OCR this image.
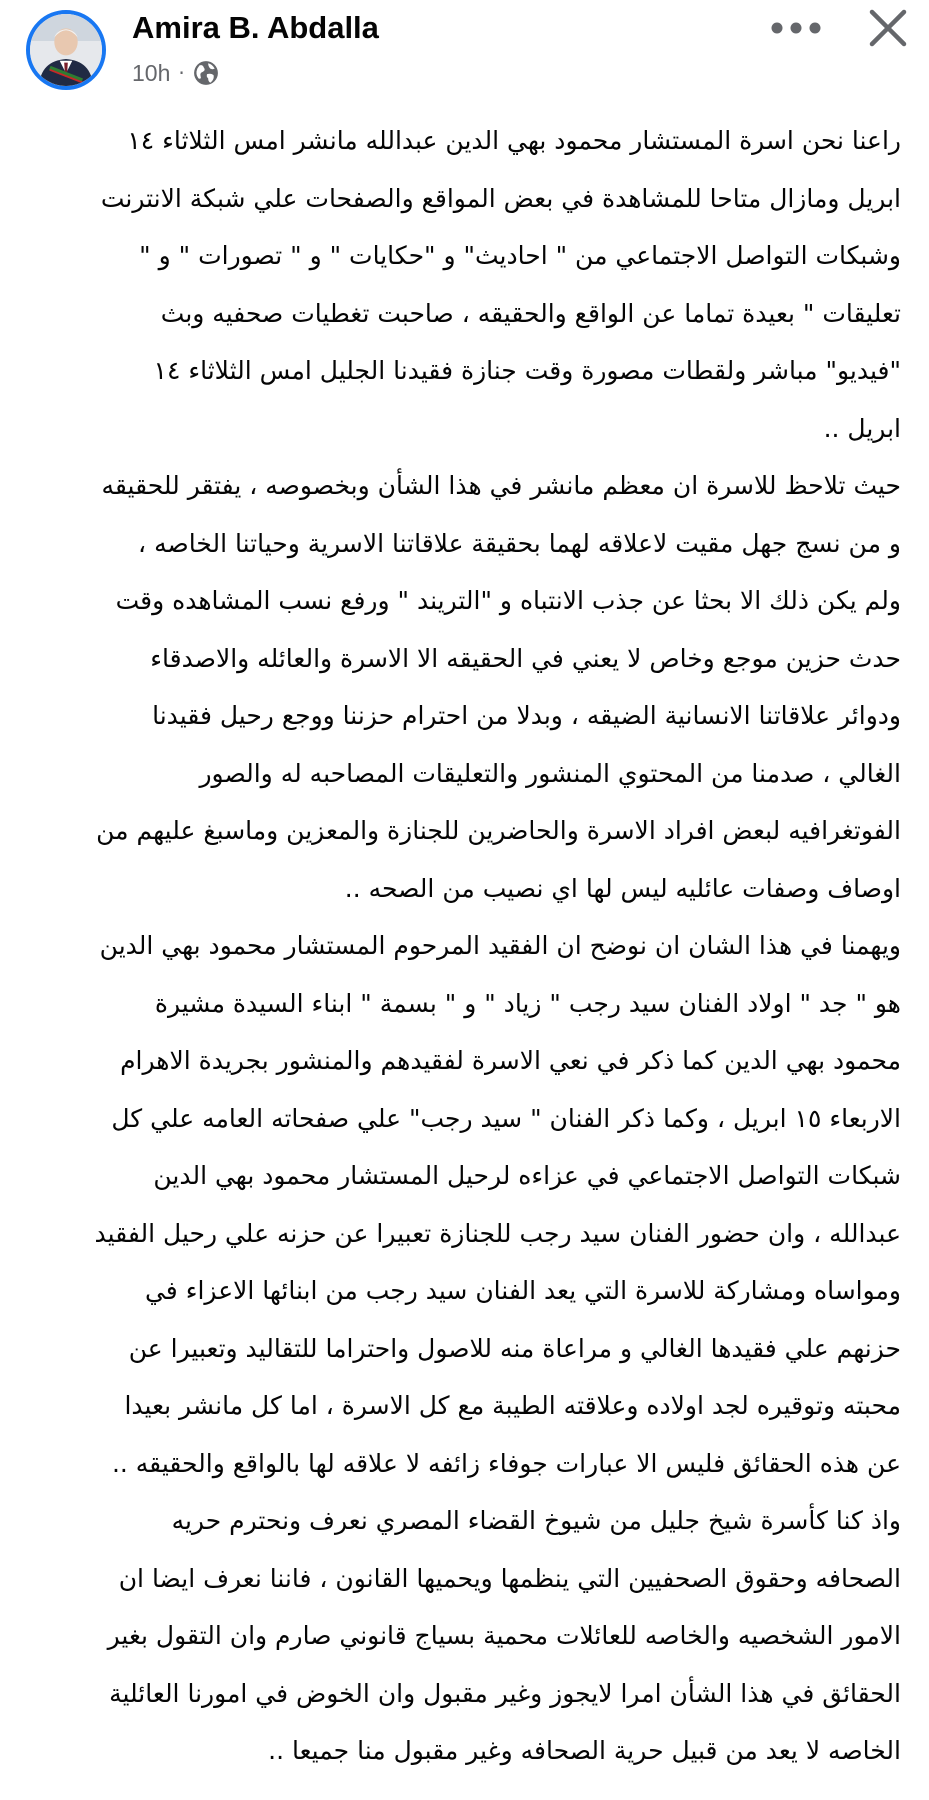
Amira B. Abdalla
10h ·
راعنا نحن اسرة المستشار محمود بهي الدين عبدالله مانشر امس الثلاثاء ١٤
ابريل ومازال متاحا للمشاهدة في بعض المواقع والصفحات علي شبكة الانترنت
وشبكات التواصل الاجتماعي من " احاديث" و "حكايات " و " تصورات " و "
تعليقات " بعيدة تماما عن الواقع والحقيقه ، صاحبت تغطيات صحفيه وبث
"فيديو" مباشر ولقطات مصورة وقت جنازة فقيدنا الجليل امس الثلاثاء ١٤
ابريل ..
حيث تلاحظ للاسرة ان معظم مانشر في هذا الشأن وبخصوصه ، يفتقر للحقيقه
و من نسج جهل مقيت لاعلاقه لهما بحقيقة علاقاتنا الاسرية وحياتنا الخاصه ،
ولم يكن ذلك الا بحثا عن جذب الانتباه و "التريند " ورفع نسب المشاهده وقت
حدث حزين موجع وخاص لا يعني في الحقيقه الا الاسرة والعائله والاصدقاء
ودوائر علاقاتنا الانسانية الضيقه ، وبدلا من احترام حزننا ووجع رحيل فقيدنا
الغالي ، صدمنا من المحتوي المنشور والتعليقات المصاحبه له والصور
الفوتغرافيه لبعض افراد الاسرة والحاضرين للجنازة والمعزين وماسبغ عليهم من
اوصاف وصفات عائليه ليس لها اي نصيب من الصحه ..
ويهمنا في هذا الشان ان نوضح ان الفقيد المرحوم المستشار محمود بهي الدين
هو " جد " اولاد الفنان سيد رجب " زياد " و " بسمة " ابناء السيدة مشيرة
محمود بهي الدين كما ذكر في نعي الاسرة لفقيدهم والمنشور بجريدة الاهرام
الاربعاء ١٥ ابريل ، وكما ذكر الفنان " سيد رجب" علي صفحاته العامه علي كل
شبكات التواصل الاجتماعي في عزاءه لرحيل المستشار محمود بهي الدين
عبدالله ، وان حضور الفنان سيد رجب للجنازة تعبيرا عن حزنه علي رحيل الفقيد
ومواساه ومشاركة للاسرة التي يعد الفنان سيد رجب من ابنائها الاعزاء في
حزنهم علي فقيدها الغالي و مراعاة منه للاصول واحتراما للتقاليد وتعبيرا عن
محبته وتوقيره لجد اولاده وعلاقته الطيبة مع كل الاسرة ، اما كل مانشر بعيدا
عن هذه الحقائق فليس الا عبارات جوفاء زائفه لا علاقه لها بالواقع والحقيقه ..
واذ كنا كأسرة شيخ جليل من شيوخ القضاء المصري نعرف ونحترم حريه
الصحافه وحقوق الصحفيين التي ينظمها ويحميها القانون ، فاننا نعرف ايضا ان
الامور الشخصيه والخاصه للعائلات محمية بسياج قانوني صارم وان التقول بغير
الحقائق في هذا الشأن امرا لايجوز وغير مقبول وان الخوض في امورنا العائلية
الخاصه لا يعد من قبيل حرية الصحافه وغير مقبول منا جميعا ..
